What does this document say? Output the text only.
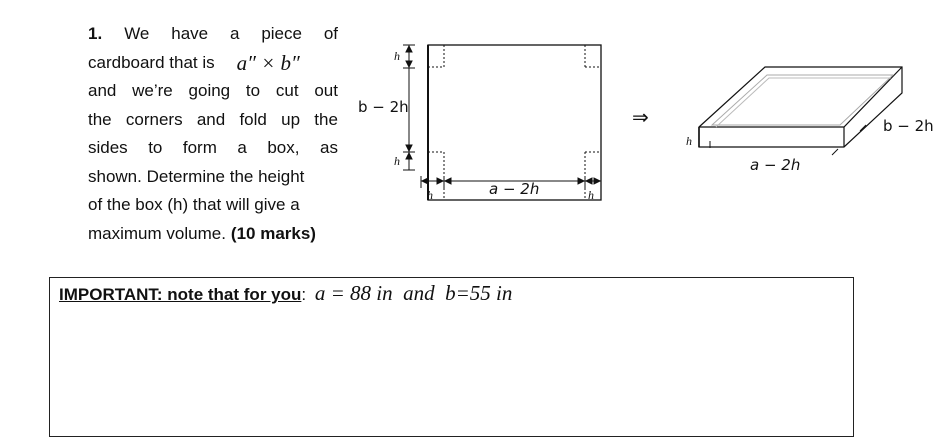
1. We have a piece of
cardboard that is a″ × b″
and we’re going to cut out
the corners and fold up the
sides to form a box, as
shown. Determine the height
of the box (h) that will give a
maximum volume. (10 marks)
h
b − 2h
h
h	a − 2h	h
⇒
h
b − 2h
a − 2h
IMPORTANT: note that for you: a = 88 in  and  b=55 in
